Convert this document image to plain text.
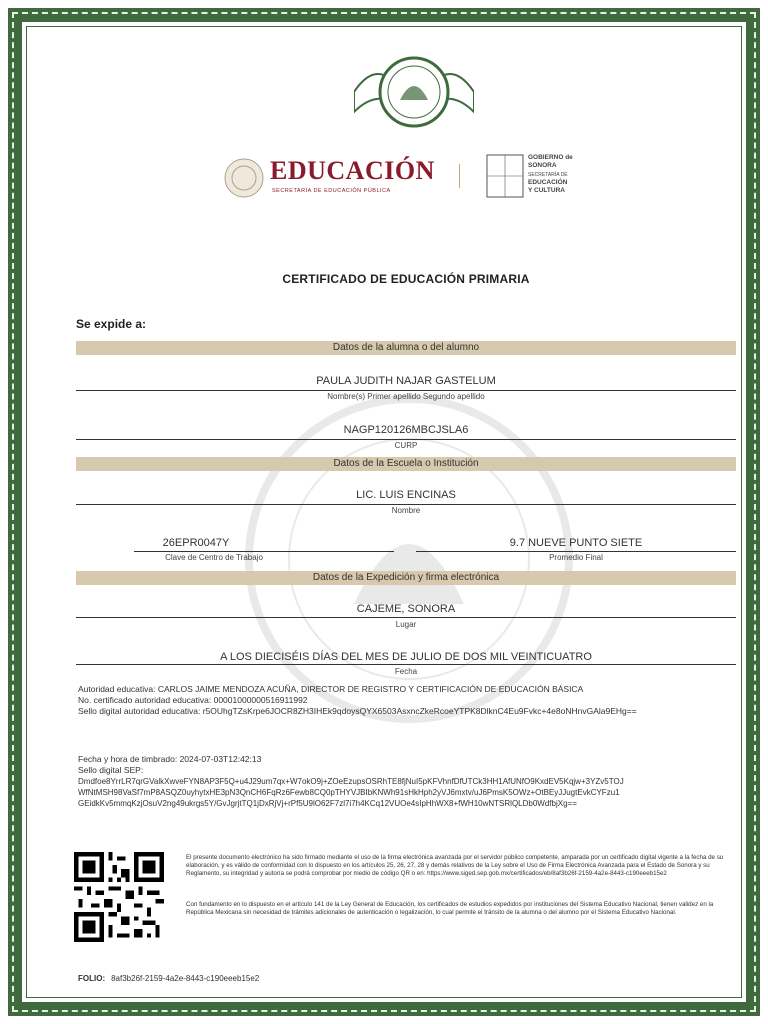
EDUCACIÓN
SECRETARÍA DE EDUCACIÓN PÚBLICA
GOBIERNO de SONORA
SECRETARÍA DE
EDUCACIÓN
Y CULTURA
CERTIFICADO DE EDUCACIÓN PRIMARIA
Se expide a:
Datos de la alumna o del alumno
PAULA JUDITH NAJAR GASTELUM
Nombre(s) Primer apellido Segundo apellido
NAGP120126MBCJSLA6
CURP
Datos de la Escuela o Institución
LIC. LUIS ENCINAS
Nombre
26EPR0047Y
Clave de Centro de Trabajo
9.7 NUEVE PUNTO SIETE
Promedio Final
Datos de la Expedición y firma electrónica
CAJEME, SONORA
Lugar
A LOS DIECISÉIS DÍAS DEL MES DE JULIO DE DOS MIL VEINTICUATRO
Fecha
Autoridad educativa: CARLOS JAIME MENDOZA ACUÑA, DIRECTOR DE REGISTRO Y CERTIFICACIÓN DE EDUCACIÓN BÁSICA
No. certificado autoridad educativa: 00001000000516911992
Sello digital autoridad educativa: r5OUhgTZsKrpe6JOCR8ZH3IHEk9qdoysQYX6503AsxncZkeRcoeYTPK8DlknC4Eu9Fvkc+4e8oNHnvGAla9EHg==
Fecha y hora de timbrado: 2024-07-03T12:42:13
Sello digital SEP:
Dmdfoe8YrrLR7qrGValkXwveFYN8AP3F5Q+u4J29um7qx+W7okO9j+ZOeEzupsOSRhTE8fjNuI5pKFVhnfDfUTCk3HH1AfUNfO9KxdEV5Kqjw+3YZv5TOJ
WfNtMSH98VaSf7mP8ASQZ0uyhytxHE3pN3QnCH6FqRz6Fewb8CQ0pTHYVJBIbKNWh91sHkHph2yVJ6mxtv/uJ6PmsK5OWz+OtBEyJJugtEvkCYFzu1
GEidkKv5mmqKzjOsuV2ng49ukrgs5Y/GvJgrjtTQ1jDxRjVj+rPf5U9lO62F7zl7i7h4KCq12VUOe4sIpHhWX8+fWH10wNTSRlQLDb0WdfbjXg==
El presente documento electrónico ha sido firmado mediante el uso de la firma electrónica avanzada por el servidor público competente, amparada por un certificado digital vigente a la fecha de su elaboración, y es válido de conformidad con lo dispuesto en los artículos 25, 26, 27, 28 y demás relativos de la Ley sobre el Uso de Firma Electrónica Avanzada para el Estado de Sonora y su Reglamento, su integridad y autoría se podrá comprobar por medio de código QR o en: https://www.siged.sep.gob.mx/certificados/eb/8af3b26f-2159-4a2e-8443-c190eeeb15e2
Con fundamento en lo dispuesto en el artículo 141 de la Ley General de Educación, los certificados de estudios expedidos por instituciones del Sistema Educativo Nacional, tienen validez en la República Mexicana sin necesidad de trámites adicionales de autenticación o legalización, lo cual permite el tránsito de la alumna o del alumno por el Sistema Educativo Nacional.
FOLIO: 8af3b26f-2159-4a2e-8443-c190eeeb15e2
